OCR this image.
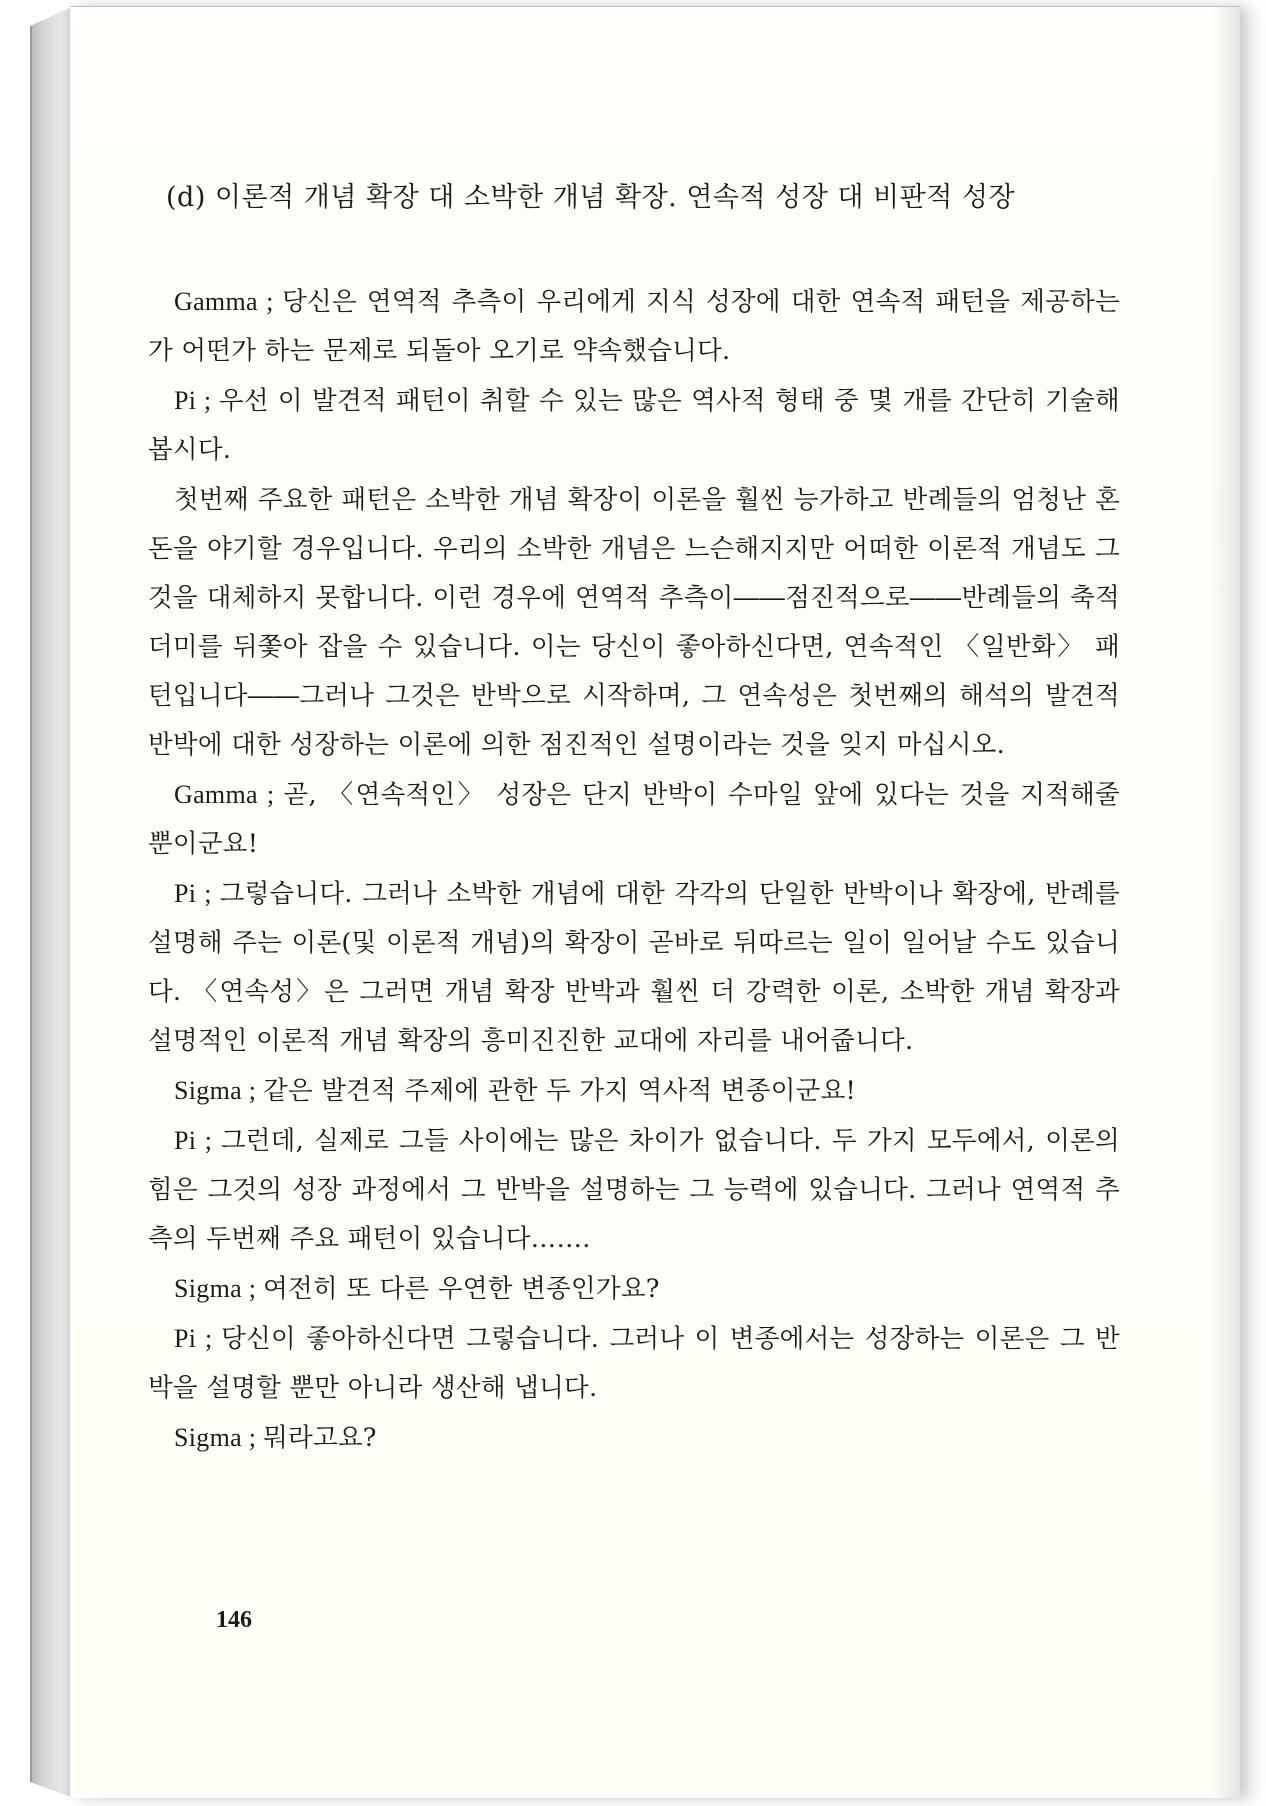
(d) 이론적 개념 확장 대 소박한 개념 확장. 연속적 성장 대 비판적 성장

Gamma ; 당신은 연역적 추측이 우리에게 지식 성장에 대한 연속적 패턴을 제공하는가 어떤가 하는 문제로 되돌아 오기로 약속했습니다.

Pi ; 우선 이 발견적 패턴이 취할 수 있는 많은 역사적 형태 중 몇 개를 간단히 기술해 봅시다.

첫번째 주요한 패턴은 소박한 개념 확장이 이론을 훨씬 능가하고 반례들의 엄청난 혼돈을 야기할 경우입니다. 우리의 소박한 개념은 느슨해지지만 어떠한 이론적 개념도 그것을 대체하지 못합니다. 이런 경우에 연역적 추측이――점진적으로――반례들의 축적 더미를 뒤쫓아 잡을 수 있습니다. 이는 당신이 좋아하신다면, 연속적인 〈일반화〉 패턴입니다――그러나 그것은 반박으로 시작하며, 그 연속성은 첫번째의 해석의 발견적 반박에 대한 성장하는 이론에 의한 점진적인 설명이라는 것을 잊지 마십시오.

Gamma ; 곧, 〈연속적인〉 성장은 단지 반박이 수마일 앞에 있다는 것을 지적해줄 뿐이군요!

Pi ; 그렇습니다. 그러나 소박한 개념에 대한 각각의 단일한 반박이나 확장에, 반례를 설명해 주는 이론(및 이론적 개념)의 확장이 곧바로 뒤따르는 일이 일어날 수도 있습니다. 〈연속성〉은 그러면 개념 확장 반박과 훨씬 더 강력한 이론, 소박한 개념 확장과 설명적인 이론적 개념 확장의 흥미진진한 교대에 자리를 내어줍니다.

Sigma ; 같은 발견적 주제에 관한 두 가지 역사적 변종이군요!

Pi ; 그런데, 실제로 그들 사이에는 많은 차이가 없습니다. 두 가지 모두에서, 이론의 힘은 그것의 성장 과정에서 그 반박을 설명하는 그 능력에 있습니다. 그러나 연역적 추측의 두번째 주요 패턴이 있습니다…….

Sigma ; 여전히 또 다른 우연한 변종인가요?

Pi ; 당신이 좋아하신다면 그렇습니다. 그러나 이 변종에서는 성장하는 이론은 그 반박을 설명할 뿐만 아니라 생산해 냅니다.

Sigma ; 뭐라고요?

146
